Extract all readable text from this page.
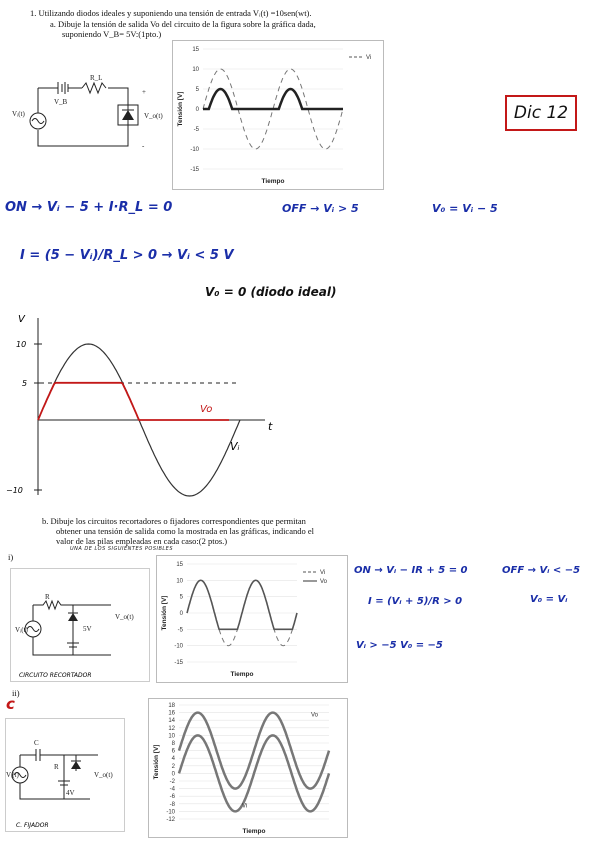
1. Utilizando diodos ideales y suponiendo una tensión de entrada Vᵢ(t) =10sen(wt).
a. Dibuje la tensión de salida Vo del circuito de la figura sobre la gráfica dada,
suponiendo V_B= 5V:(1pto.)
Vᵢ(t)
V_B
R_L
V_o(t)
+
-
15
10
5
0
-5
-10
-15
Tensión [V]
Tiempo
Vi
Dic 12
ON → Vᵢ − 5 + I·R_L = 0	OFF → Vᵢ > 5	V₀ = Vᵢ − 5
I = (5 − Vᵢ)/R_L > 0 → Vᵢ < 5 V
V₀ = 0 (diodo ideal)
V
10
5
−10
t
Vo
Vᵢ
b. Dibuje los circuitos recortadores o fijadores correspondientes que permitan
obtener una tensión de salida como la mostrada en las gráficas, indicando el
valor de las pilas empleadas en cada caso:(2 ptos.)
UNA DE LOS SIGUIENTES POSIBLES
i)
R
Vᵢ(t)	5V
V_o(t)
CIRCUITO RECORTADOR
15
10
5
0
-5
-10
-15
Tensión [V]
Tiempo
Vi
Vo
ON → Vᵢ − IR + 5 = 0	OFF → Vᵢ < −5
I = (Vᵢ + 5)/R > 0	V₀ = Vᵢ
Vᵢ > −5 V₀ = −5
ii)
c
C
R
Vᵢ(t)
4V
V_o(t)
C. FIJADOR
18
16
14
12
10
8
6
4
2
0
-2
-4
-6
-8
-10
-12
Tensión [V]
Tiempo
Vo
Vi
